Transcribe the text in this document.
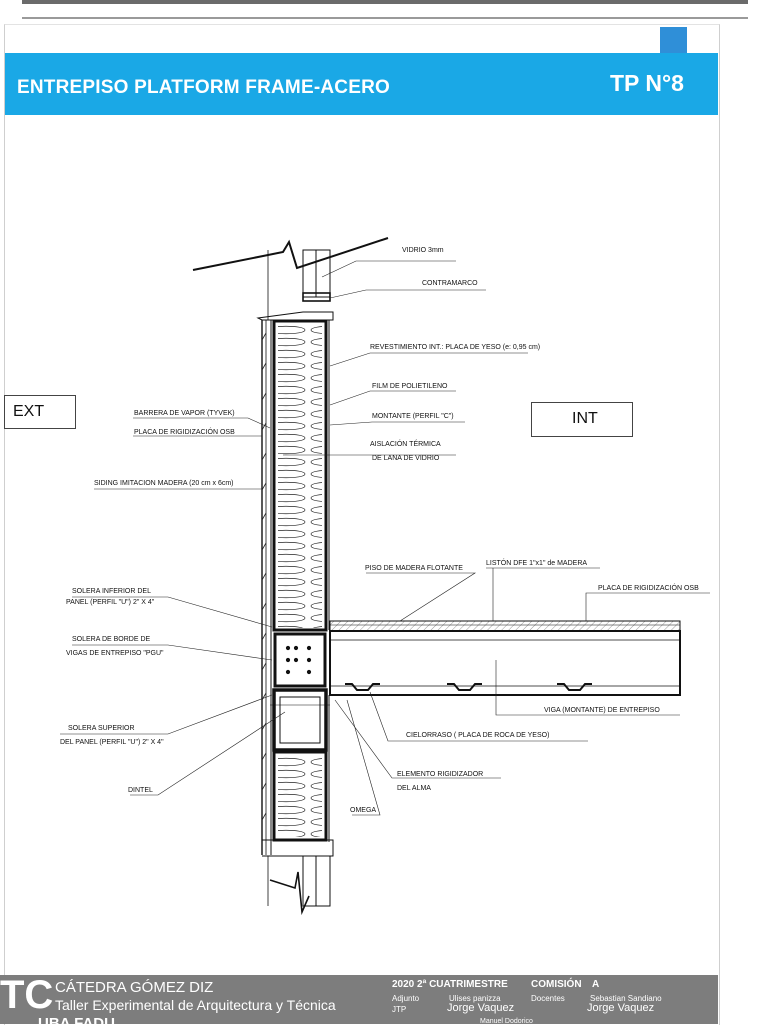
ENTREPISO PLATFORM FRAME-ACERO	TP N°8
EXT	INT
VIDRIO 3mm
CONTRAMARCO
REVESTIMIENTO INT.: PLACA DE YESO (e: 0,95 cm)
FILM DE POLIETILENO
BARRERA DE VAPOR (TYVEK)	MONTANTE (PERFIL "C")
PLACA DE RIGIDIZACIÓN OSB
AISLACIÓN TÉRMICA
DE LANA DE VIDRIO
SIDING IMITACION MADERA (20 cm x 6cm)
PISO DE MADERA FLOTANTE
LISTÓN DFE 1"x1" de MADERA
PLACA DE RIGIDIZACIÓN OSB
SOLERA INFERIOR DEL
PANEL (PERFIL "U") 2" X 4"
SOLERA DE BORDE DE
VIGAS DE ENTREPISO "PGU"
VIGA (MONTANTE) DE ENTREPISO
SOLERA SUPERIOR
DEL PANEL (PERFIL "U") 2" X 4"
CIELORRASO ( PLACA DE ROCA DE YESO)
ELEMENTO RIGIDIZADOR
DEL ALMA
DINTEL
OMEGA
TC CÁTEDRA GÓMEZ DIZ
Taller Experimental de Arquitectura y Técnica
UBA FADU
2020 2ª CUATRIMESTRE COMISIÓN A
Adjunto	Ulises panizza	Docentes	Sebastian Sandiano
JTP	Jorge Vaquez	Jorge Vaquez
Manuel Dodorico
